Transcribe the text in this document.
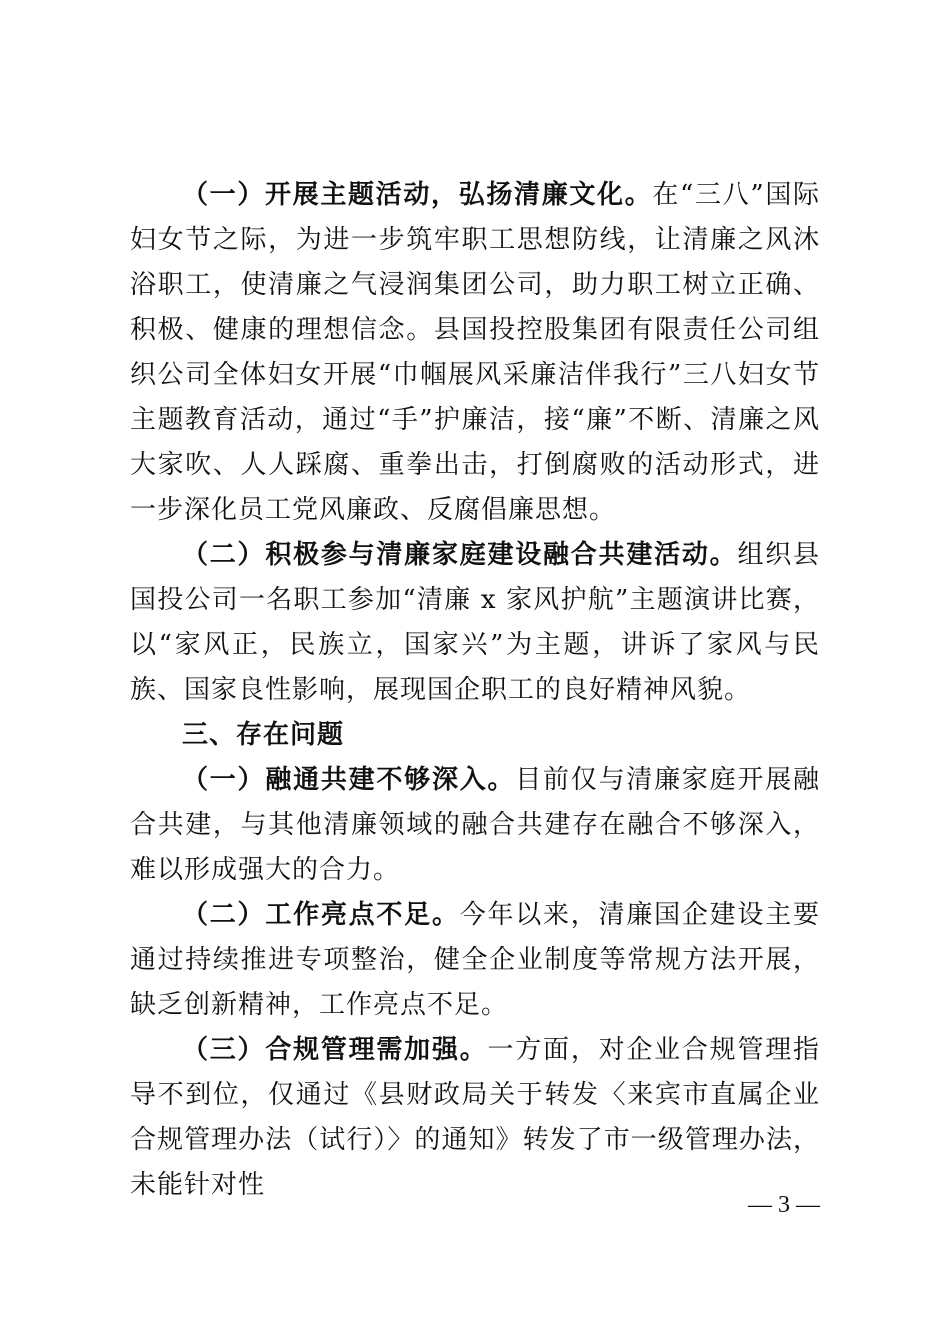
（一）开展主题活动，弘扬清廉文化。在“三八”国际妇女节之际，为进一步筑牢职工思想防线，让清廉之风沐浴职工，使清廉之气浸润集团公司，助力职工树立正确、积极、健康的理想信念。县国投控股集团有限责任公司组织公司全体妇女开展“巾帼展风采廉洁伴我行”三八妇女节主题教育活动，通过“手”护廉洁，接“廉”不断、清廉之风大家吹、人人踩腐、重拳出击，打倒腐败的活动形式，进一步深化员工党风廉政、反腐倡廉思想。

（二）积极参与清廉家庭建设融合共建活动。组织县国投公司一名职工参加“清廉 x 家风护航”主题演讲比赛，以“家风正，民族立，国家兴”为主题，讲诉了家风与民族、国家良性影响，展现国企职工的良好精神风貌。

三、存在问题

（一）融通共建不够深入。目前仅与清廉家庭开展融合共建，与其他清廉领域的融合共建存在融合不够深入，难以形成强大的合力。

（二）工作亮点不足。今年以来，清廉国企建设主要通过持续推进专项整治，健全企业制度等常规方法开展，缺乏创新精神，工作亮点不足。

（三）合规管理需加强。一方面，对企业合规管理指导不到位，仅通过《县财政局关于转发〈来宾市直属企业合规管理办法（试行）〉的通知》转发了市一级管理办法，未能针对性

— 3 —
